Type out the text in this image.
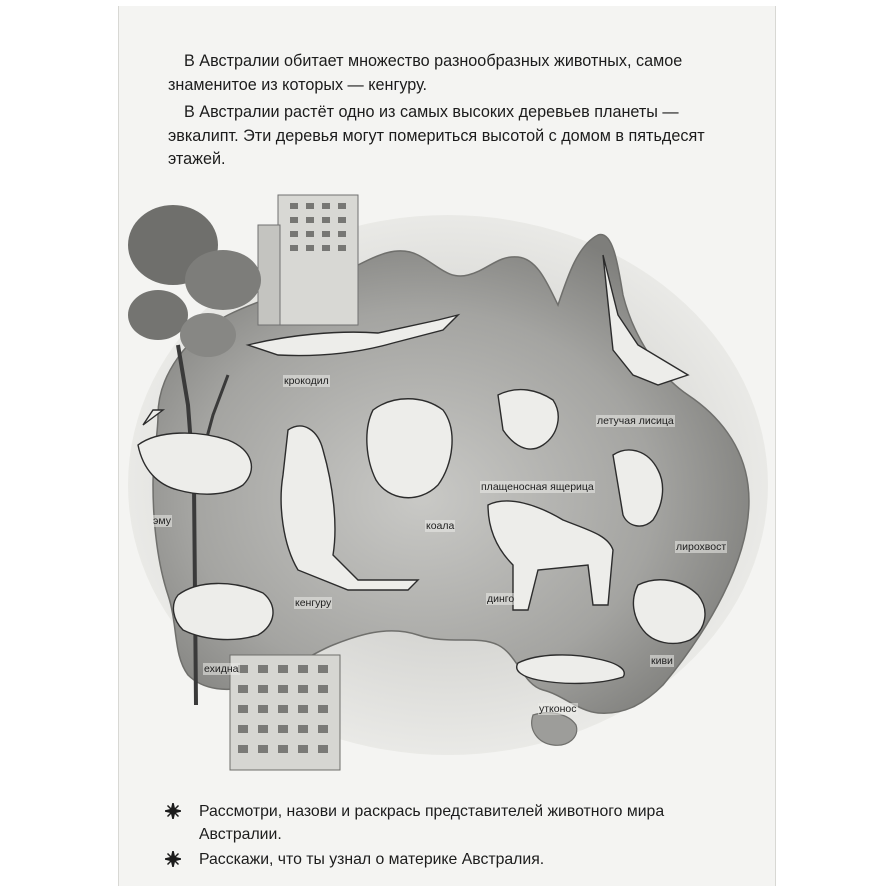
В Австралии обитает множество разнообразных животных, самое знаменитое из которых — кенгуру.

В Австралии растёт одно из самых высоких деревьев планеты — эвкалипт. Эти деревья могут помериться высотой с домом в пятьдесят этажей.

крокодил
летучая лисица
плащеносная ящерица
эму	коала
кенгуру	динго
лирохвост
ехидна
киви
утконос
Рассмотри, назови и раскрась представителей животного мира Австралии.
Расскажи, что ты узнал о материке Австралия.
